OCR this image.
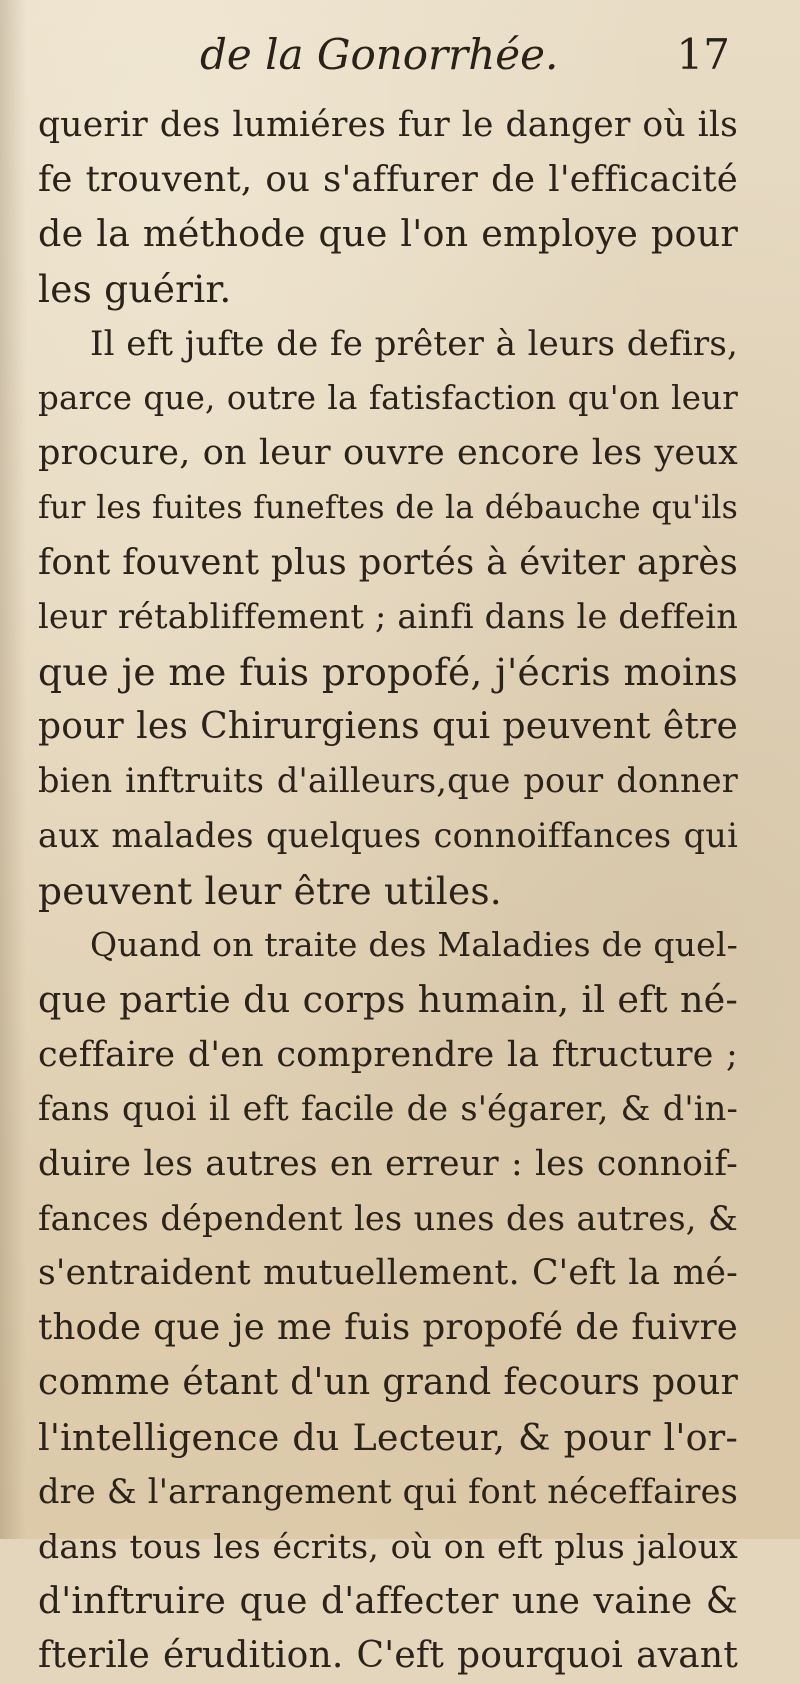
de la Gonorrhée.	17
querir des lumiéres fur le danger où ils
fe trouvent, ou s'affurer de l'efficacité
de la méthode que l'on employe pour
les guérir.
Il eft jufte de fe prêter à leurs defirs,
parce que, outre la fatisfaction qu'on leur
procure, on leur ouvre encore les yeux
fur les fuites funeftes de la débauche qu'ils
font fouvent plus portés à éviter après
leur rétabliffement ; ainfi dans le deffein
que je me fuis propofé, j'écris moins
pour les Chirurgiens qui peuvent être
bien inftruits d'ailleurs,que pour donner
aux malades quelques connoiffances qui
peuvent leur être utiles.
Quand on traite des Maladies de quel-
que partie du corps humain, il eft né-
ceffaire d'en comprendre la ftructure ;
fans quoi il eft facile de s'égarer, & d'in-
duire les autres en erreur : les connoif-
fances dépendent les unes des autres, &
s'entraident mutuellement. C'eft la mé-
thode que je me fuis propofé de fuivre
comme étant d'un grand fecours pour
l'intelligence du Lecteur, & pour l'or-
dre & l'arrangement qui font néceffaires
dans tous les écrits, où on eft plus jaloux
d'inftruire que d'affecter une vaine &
fterile érudition. C'eft pourquoi avant
